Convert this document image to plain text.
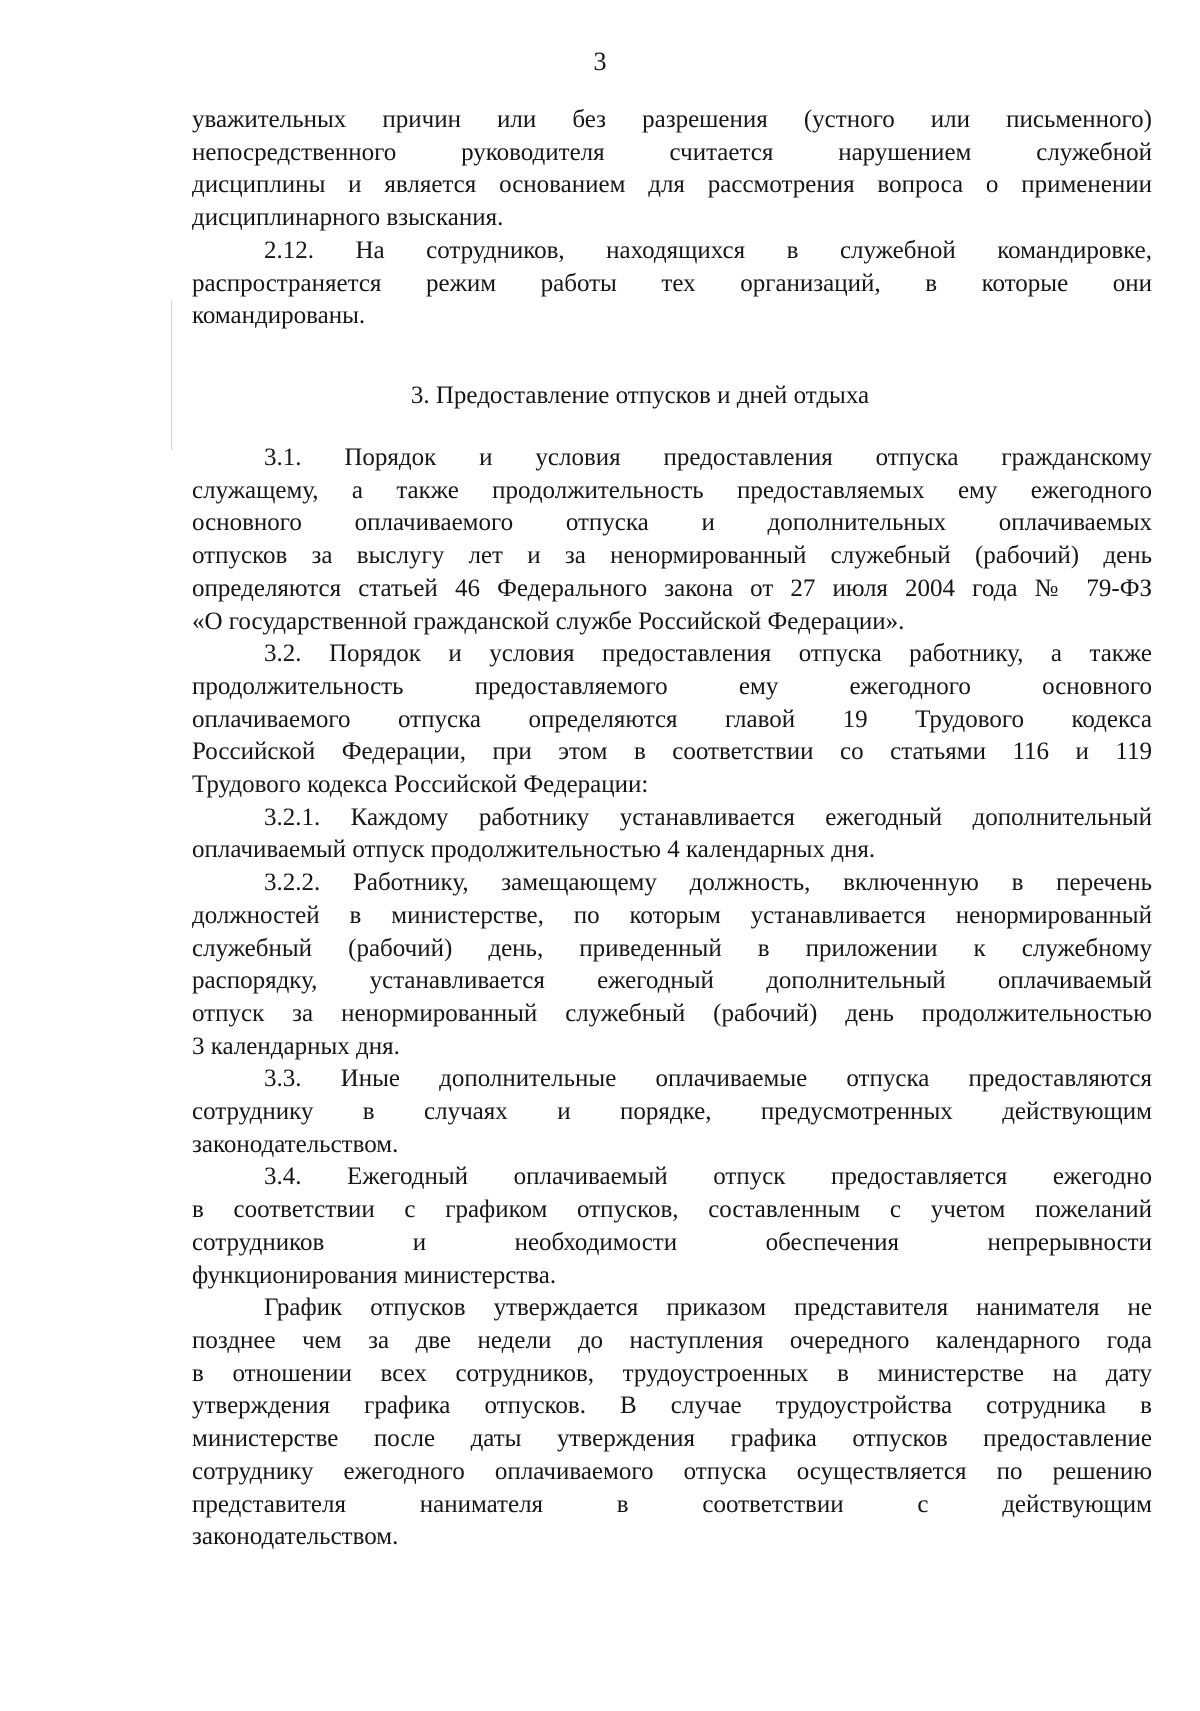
3
уважительных причин или без разрешения (устного или письменного)
непосредственного руководителя считается нарушением служебной
дисциплины и является основанием для рассмотрения вопроса о применении
дисциплинарного взыскания.
2.12. На сотрудников, находящихся в служебной командировке,
распространяется режим работы тех организаций, в которые они
командированы.
3. Предоставление отпусков и дней отдыха
3.1. Порядок и условия предоставления отпуска гражданскому
служащему, а также продолжительность предоставляемых ему ежегодного
основного оплачиваемого отпуска и дополнительных оплачиваемых
отпусков за выслугу лет и за ненормированный служебный (рабочий) день
определяются статьей 46 Федерального закона от 27 июля 2004 года № 79-ФЗ
«О государственной гражданской службе Российской Федерации».
3.2. Порядок и условия предоставления отпуска работнику, а также
продолжительность предоставляемого ему ежегодного основного
оплачиваемого отпуска определяются главой 19 Трудового кодекса
Российской Федерации, при этом в соответствии со статьями 116 и 119
Трудового кодекса Российской Федерации:
3.2.1. Каждому работнику устанавливается ежегодный дополнительный
оплачиваемый отпуск продолжительностью 4 календарных дня.
3.2.2. Работнику, замещающему должность, включенную в перечень
должностей в министерстве, по которым устанавливается ненормированный
служебный (рабочий) день, приведенный в приложении к служебному
распорядку, устанавливается ежегодный дополнительный оплачиваемый
отпуск за ненормированный служебный (рабочий) день продолжительностью
3 календарных дня.
3.3. Иные дополнительные оплачиваемые отпуска предоставляются
сотруднику в случаях и порядке, предусмотренных действующим
законодательством.
3.4. Ежегодный оплачиваемый отпуск предоставляется ежегодно
в соответствии с графиком отпусков, составленным с учетом пожеланий
сотрудников и необходимости обеспечения непрерывности
функционирования министерства.
График отпусков утверждается приказом представителя нанимателя не
позднее чем за две недели до наступления очередного календарного года
в отношении всех сотрудников, трудоустроенных в министерстве на дату
утверждения графика отпусков. В случае трудоустройства сотрудника в
министерстве после даты утверждения графика отпусков предоставление
сотруднику ежегодного оплачиваемого отпуска осуществляется по решению
представителя нанимателя в соответствии с действующим
законодательством.
